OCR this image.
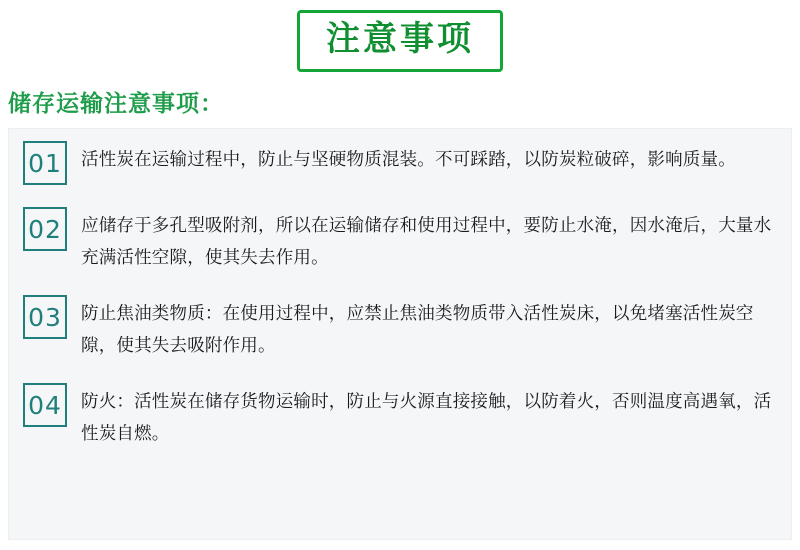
注意事项
储存运输注意事项：
01 活性炭在运输过程中，防止与坚硬物质混装。不可踩踏，以防炭粒破碎，影响质量。
02 应储存于多孔型吸附剂，所以在运输储存和使用过程中，要防止水淹，因水淹后，大量水充满活性空隙，使其失去作用。
03 防止焦油类物质：在使用过程中，应禁止焦油类物质带入活性炭床，以免堵塞活性炭空隙，使其失去吸附作用。
04 防火：活性炭在储存货物运输时，防止与火源直接接触，以防着火，否则温度高遇氧，活性炭自燃。
